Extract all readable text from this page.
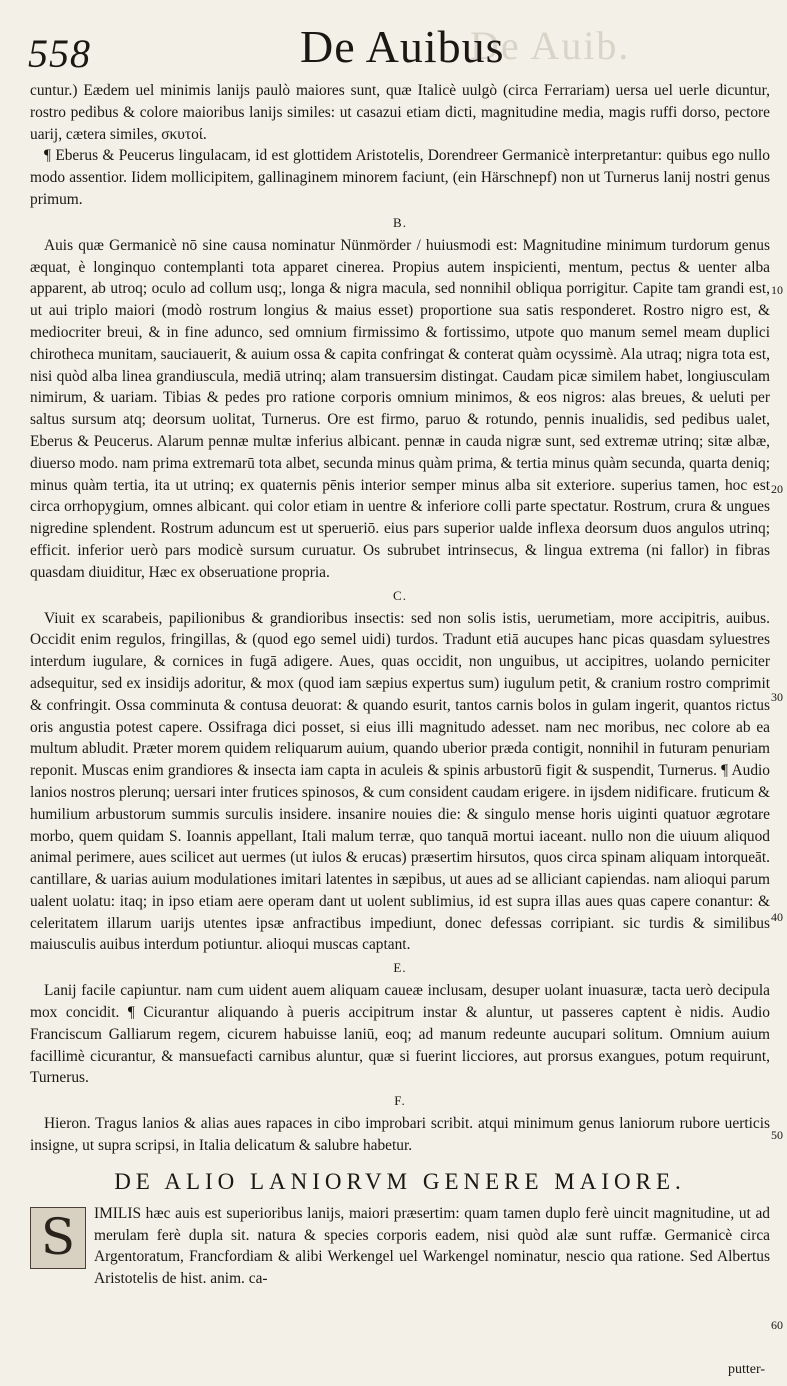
De Auib.
558	De Auibus

cuntur.) Eædem uel minimis lanijs paulò maiores sunt, quæ Italicè uulgò (circa Ferrariam) uersa uel uerle dicuntur, rostro pedibus & colore maioribus lanijs similes: ut casazui etiam dicti, magnitudine media, magis ruffi dorso, pectore uarij, cætera similes, σκυτοί.

¶ Eberus & Peucerus lingulacam, id est glottidem Aristotelis, Dorendreer Germanicè interpretantur: quibus ego nullo modo assentior. Iidem mollicipitem, gallinaginem minorem faciunt, (ein Härschnepf) non ut Turnerus lanij nostri genus primum.

B.

Auis quæ Germanicè nō sine causa nominatur Nünmörder / huiusmodi est: Magnitudine minimum turdorum genus æquat, è longinquo contemplanti tota apparet cinerea. Propius autem inspicienti, mentum, pectus & uenter alba apparent, ab utroq; oculo ad collum usq;, longa & nigra macula, sed nonnihil obliqua porrigitur. Capite tam grandi est, ut aui triplo maiori (modò rostrum longius & maius esset) proportione sua satis responderet. Rostro nigro est, & mediocriter breui, & in fine adunco, sed omnium firmissimo & fortissimo, utpote quo manum semel meam duplici chirotheca munitam, sauciauerit, & auium ossa & capita confringat & conterat quàm ocyssimè. Ala utraq; nigra tota est, nisi quòd alba linea grandiuscula, mediā utrinq; alam transuersim distingat. Caudam picæ similem habet, longiusculam nimirum, & uariam. Tibias & pedes pro ratione corporis omnium minimos, & eos nigros: alas breues, & ueluti per saltus sursum atq; deorsum uolitat, Turnerus. Ore est firmo, paruo & rotundo, pennis inualidis, sed pedibus ualet, Eberus & Peucerus. Alarum pennæ multæ inferius albicant. pennæ in cauda nigræ sunt, sed extremæ utrinq; sitæ albæ, diuerso modo. nam prima extremarū tota albet, secunda minus quàm prima, & tertia minus quàm secunda, quarta deniq; minus quàm tertia, ita ut utrinq; ex quaternis pēnis interior semper minus alba sit exteriore. superius tamen, hoc est circa orrhopygium, omnes albicant. qui color etiam in uentre & inferiore colli parte spectatur. Rostrum, crura & ungues nigredine splendent. Rostrum aduncum est ut sperueriō. eius pars superior ualde inflexa deorsum duos angulos utrinq; efficit. inferior uerò pars modicè sursum curuatur. Os subrubet intrinsecus, & lingua extrema (ni fallor) in fibras quasdam diuiditur, Hæc ex obseruatione propria.

C.

Viuit ex scarabeis, papilionibus & grandioribus insectis: sed non solis istis, uerumetiam, more accipitris, auibus. Occidit enim regulos, fringillas, & (quod ego semel uidi) turdos. Tradunt etiā aucupes hanc picas quasdam syluestres interdum iugulare, & cornices in fugā adigere. Aues, quas occidit, non unguibus, ut accipitres, uolando perniciter adsequitur, sed ex insidijs adoritur, & mox (quod iam sæpius expertus sum) iugulum petit, & cranium rostro comprimit & confringit. Ossa comminuta & contusa deuorat: & quando esurit, tantos carnis bolos in gulam ingerit, quantos rictus oris angustia potest capere. Ossifraga dici posset, si eius illi magnitudo adesset. nam nec moribus, nec colore ab ea multum abludit. Præter morem quidem reliquarum auium, quando uberior præda contigit, nonnihil in futuram penuriam reponit. Muscas enim grandiores & insecta iam capta in aculeis & spinis arbustorū figit & suspendit, Turnerus. ¶ Audio lanios nostros plerunq; uersari inter frutices spinosos, & cum consident caudam erigere. in ijsdem nidificare. fruticum & humilium arbustorum summis surculis insidere. insanire nouies die: & singulo mense horis uiginti quatuor ægrotare morbo, quem quidam S. Ioannis appellant, Itali malum terræ, quo tanquā mortui iaceant. nullo non die uiuum aliquod animal perimere, aues scilicet aut uermes (ut iulos & erucas) præsertim hirsutos, quos circa spinam aliquam intorqueāt. cantillare, & uarias auium modulationes imitari latentes in sæpibus, ut aues ad se alliciant capiendas. nam alioqui parum ualent uolatu: itaq; in ipso etiam aere operam dant ut uolent sublimius, id est supra illas aues quas capere conantur: & celeritatem illarum uarijs utentes ipsæ anfractibus impediunt, donec defessas corripiant. sic turdis & similibus maiusculis auibus interdum potiuntur. alioqui muscas captant.

E.

Lanij facile capiuntur. nam cum uident auem aliquam caueæ inclusam, desuper uolant inuasuræ, tacta uerò decipula mox concidit. ¶ Cicurantur aliquando à pueris accipitrum instar & aluntur, ut passeres captent è nidis. Audio Franciscum Galliarum regem, cicurem habuisse laniū, eoq; ad manum redeunte aucupari solitum. Omnium auium facillimè cicurantur, & mansuefacti carnibus aluntur, quæ si fuerint licciores, aut prorsus exangues, potum requirunt, Turnerus.

F.

Hieron. Tragus lanios & alias aues rapaces in cibo improbari scribit. atqui minimum genus laniorum rubore uerticis insigne, ut supra scripsi, in Italia delicatum & salubre habetur.

DE ALIO LANIORVM GENERE MAIORE.
S	IMILIS hæc auis est superioribus lanijs, maiori præsertim: quam tamen duplo ferè uincit magnitudine, ut ad merulam ferè dupla sit. natura & species corporis eadem, nisi quòd alæ sunt ruffæ. Germanicè circa Argentoratum, Francfordiam & alibi Werkengel uel Warkengel nominatur, nescio qua ratione. Sed Albertus Aristotelis de hist. anim. ca-

10
20
30
40
50
60
putter-
